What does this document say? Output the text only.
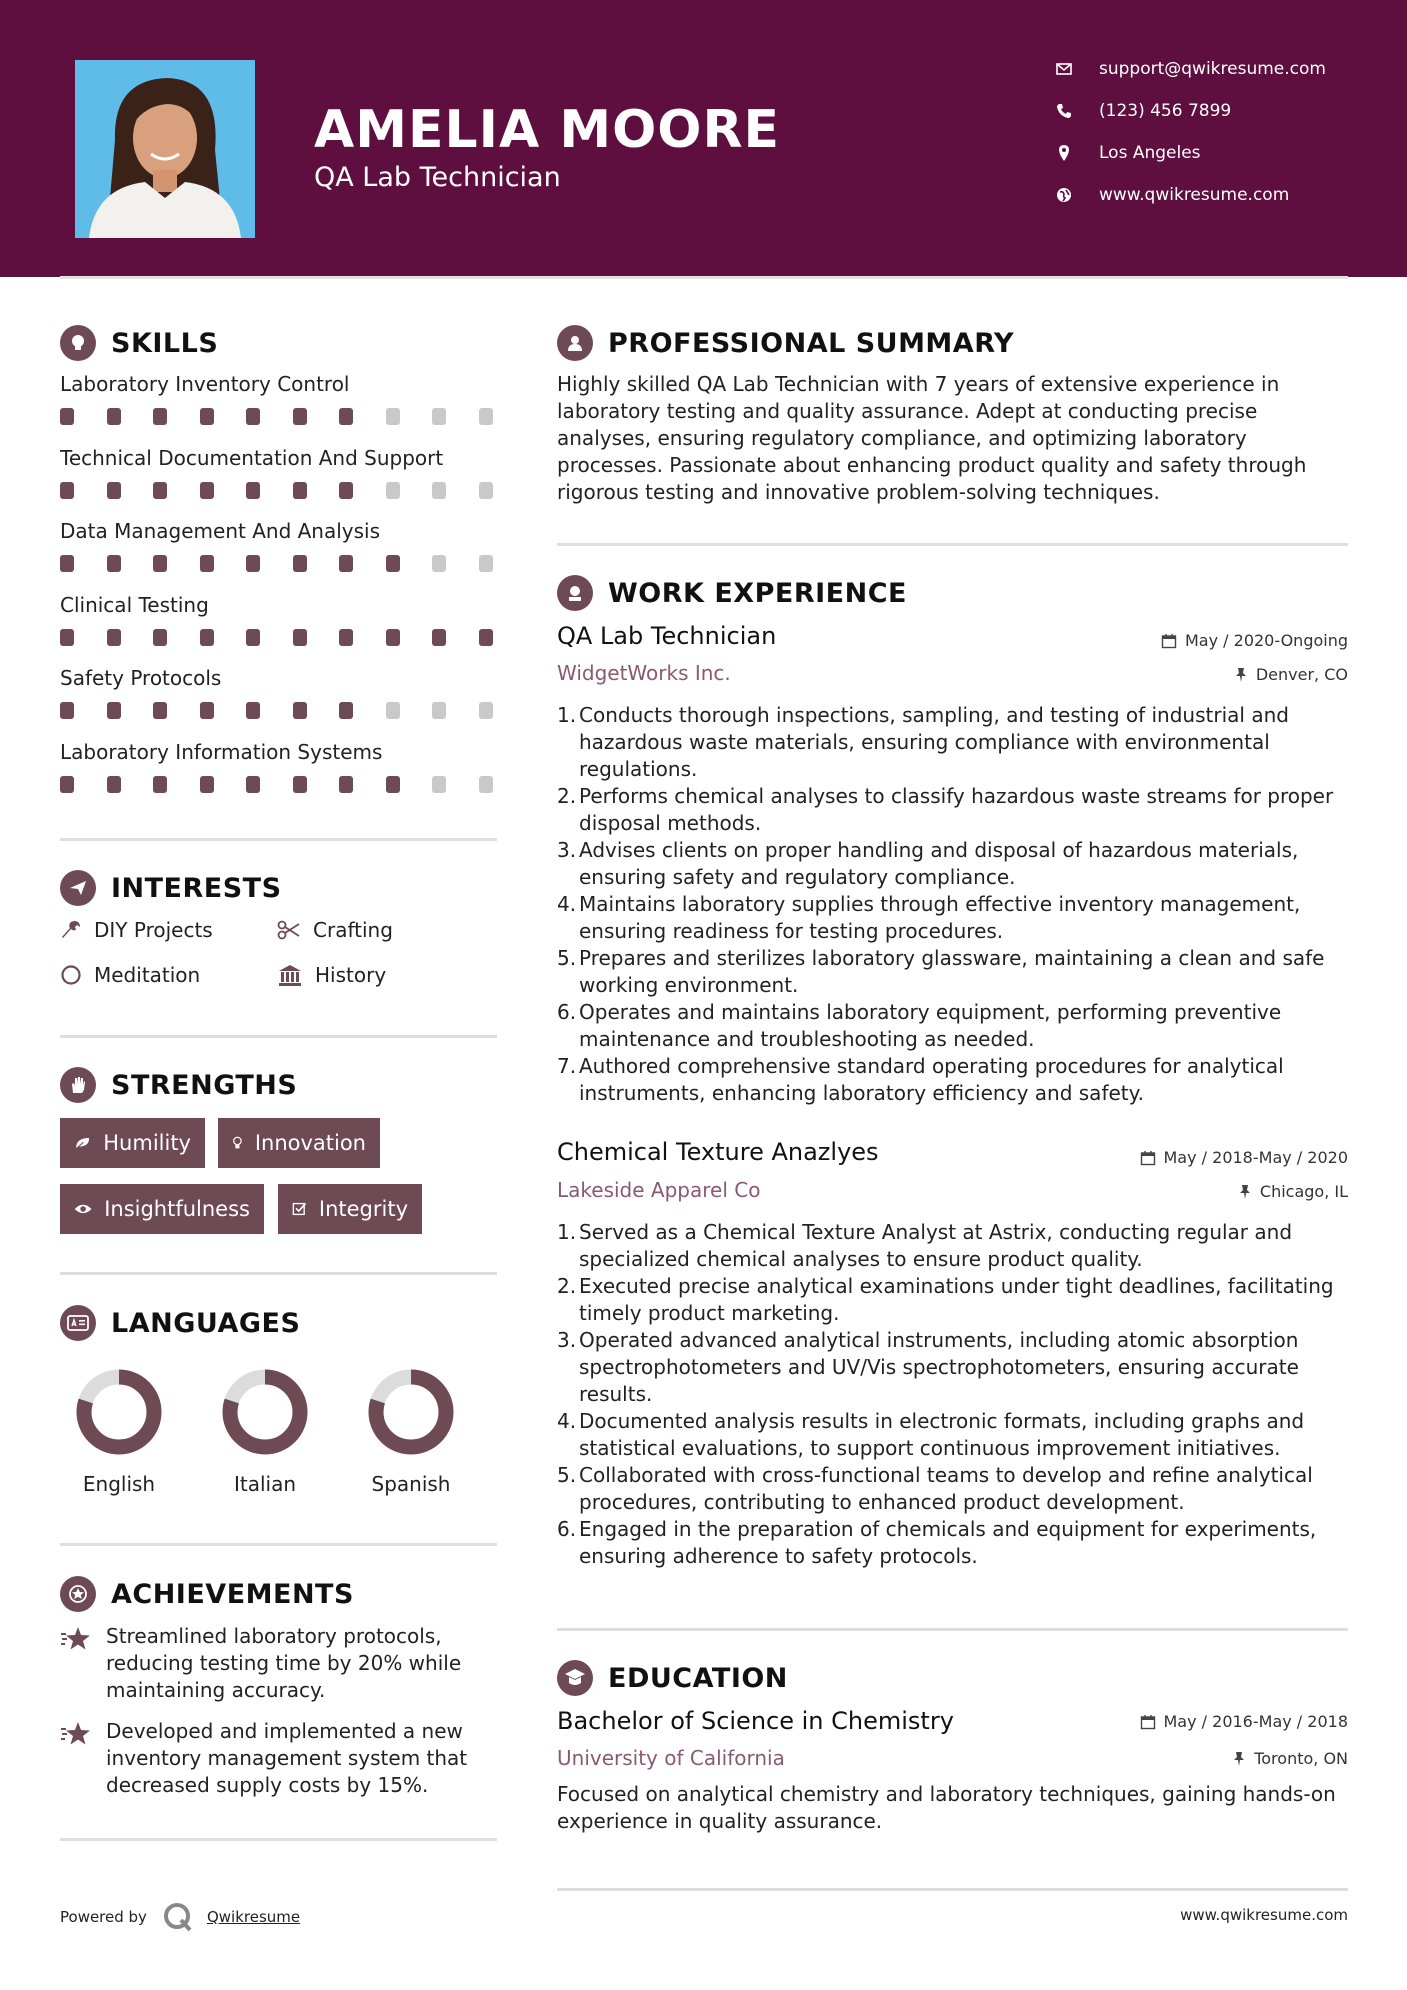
AMELIA MOORE
QA Lab Technician
support@qwikresume.com
(123) 456 7899
Los Angeles
www.qwikresume.com
SKILLS
Laboratory Inventory Control
Technical Documentation And Support
Data Management And Analysis
Clinical Testing
Safety Protocols
Laboratory Information Systems
INTERESTS
DIY Projects	Crafting
Meditation	History
STRENGTHS
Humility	Innovation
Insightfulness	Integrity
LANGUAGES
English	Italian	Spanish
ACHIEVEMENTS
Streamlined laboratory protocols, reducing testing time by 20% while maintaining accuracy.
Developed and implemented a new inventory management system that decreased supply costs by 15%.
PROFESSIONAL SUMMARY
Highly skilled QA Lab Technician with 7 years of extensive experience in laboratory testing and quality assurance. Adept at conducting precise analyses, ensuring regulatory compliance, and optimizing laboratory processes. Passionate about enhancing product quality and safety through rigorous testing and innovative problem-solving techniques.
WORK EXPERIENCE
QA Lab Technician	May / 2020-Ongoing
WidgetWorks Inc.	Denver, CO
1. Conducts thorough inspections, sampling, and testing of industrial and hazardous waste materials, ensuring compliance with environmental regulations.
2. Performs chemical analyses to classify hazardous waste streams for proper disposal methods.
3. Advises clients on proper handling and disposal of hazardous materials, ensuring safety and regulatory compliance.
4. Maintains laboratory supplies through effective inventory management, ensuring readiness for testing procedures.
5. Prepares and sterilizes laboratory glassware, maintaining a clean and safe working environment.
6. Operates and maintains laboratory equipment, performing preventive maintenance and troubleshooting as needed.
7. Authored comprehensive standard operating procedures for analytical instruments, enhancing laboratory efficiency and safety.
Chemical Texture Anazlyes	May / 2018-May / 2020
Lakeside Apparel Co	Chicago, IL
1. Served as a Chemical Texture Analyst at Astrix, conducting regular and specialized chemical analyses to ensure product quality.
2. Executed precise analytical examinations under tight deadlines, facilitating timely product marketing.
3. Operated advanced analytical instruments, including atomic absorption spectrophotometers and UV/Vis spectrophotometers, ensuring accurate results.
4. Documented analysis results in electronic formats, including graphs and statistical evaluations, to support continuous improvement initiatives.
5. Collaborated with cross-functional teams to develop and refine analytical procedures, contributing to enhanced product development.
6. Engaged in the preparation of chemicals and equipment for experiments, ensuring adherence to safety protocols.
EDUCATION
Bachelor of Science in Chemistry	May / 2016-May / 2018
University of California	Toronto, ON
Focused on analytical chemistry and laboratory techniques, gaining hands-on experience in quality assurance.
Powered by	Qwikresume	www.qwikresume.com
